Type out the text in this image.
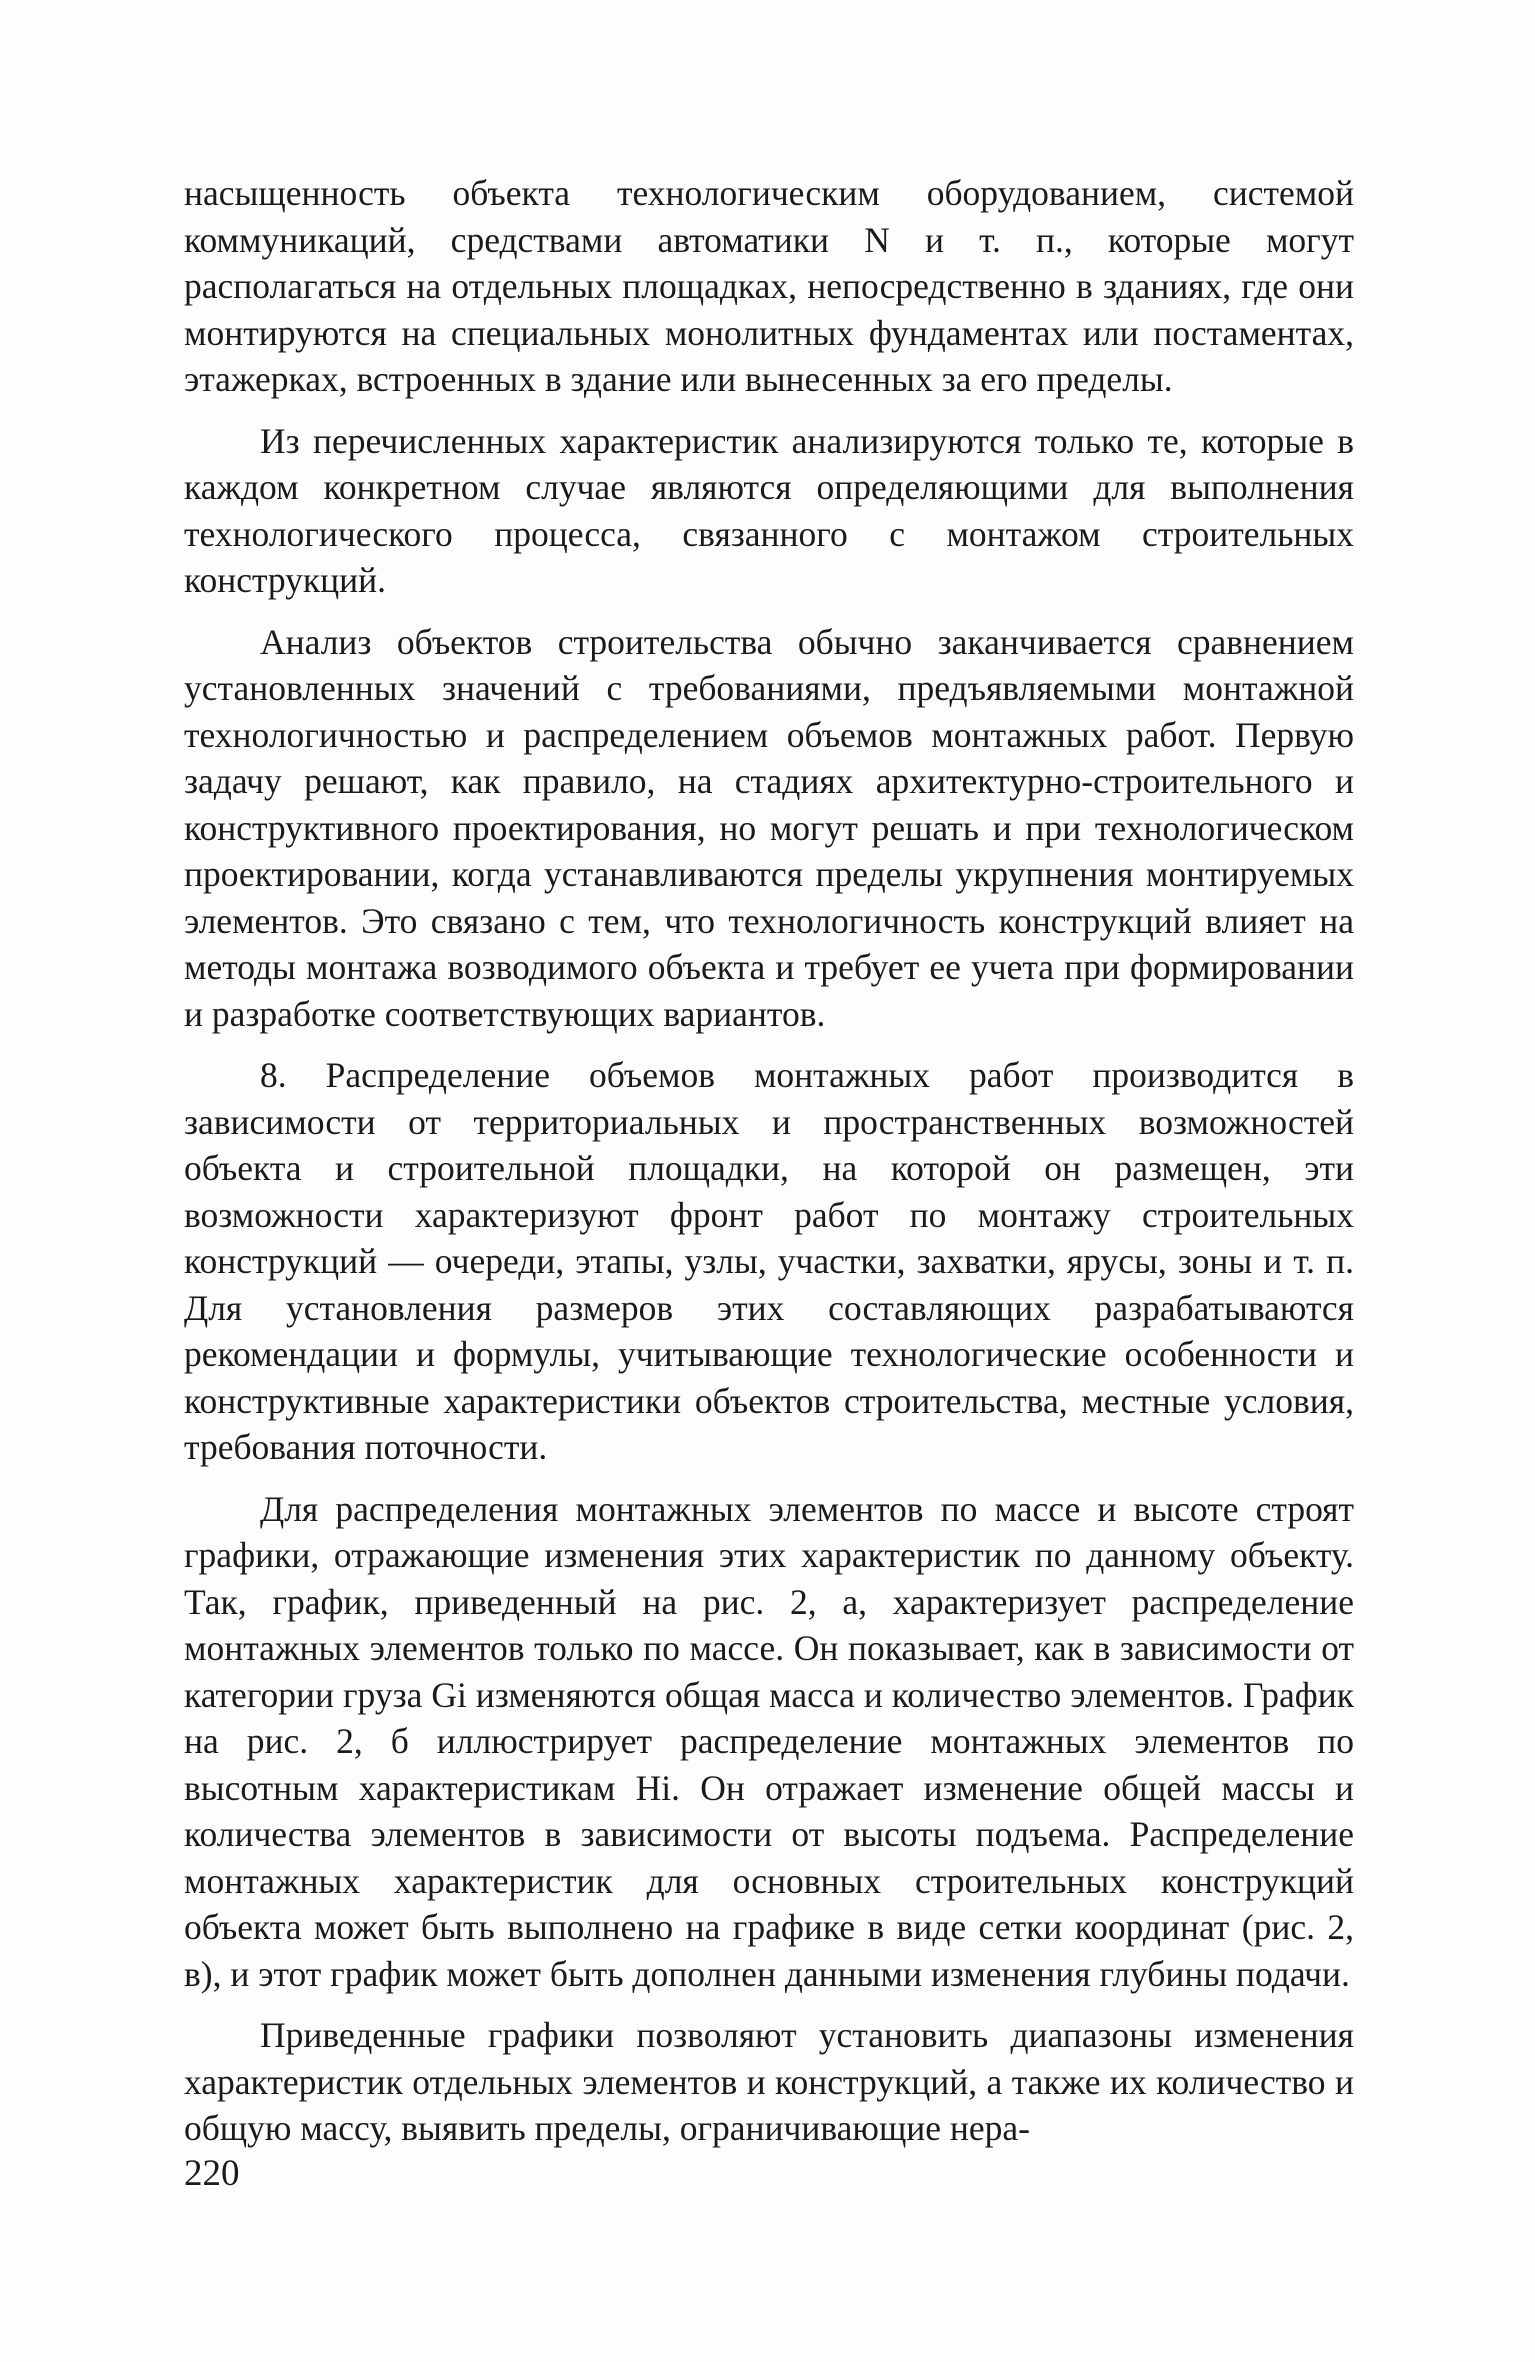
насыщенность объекта технологическим оборудованием, системой коммуникаций, средствами автоматики N и т. п., которые могут располагаться на отдельных площадках, непосредственно в зданиях, где они монтируются на специальных монолитных фундаментах или постаментах, этажерках, встроенных в здание или вынесенных за его пределы.

Из перечисленных характеристик анализируются только те, которые в каждом конкретном случае являются определяющими для выполнения технологического процесса, связанного с монтажом строительных конструкций.

Анализ объектов строительства обычно заканчивается сравнением установленных значений с требованиями, предъявляемыми монтажной технологичностью и распределением объемов монтажных работ. Первую задачу решают, как правило, на стадиях архитектурно-строительного и конструктивного проектирования, но могут решать и при технологическом проектировании, когда устанавливаются пределы укрупнения монтируемых элементов. Это связано с тем, что технологичность конструкций влияет на методы монтажа возводимого объекта и требует ее учета при формировании и разработке соответствующих вариантов.

8. Распределение объемов монтажных работ производится в зависимости от территориальных и пространственных возможностей объекта и строительной площадки, на которой он размещен, эти возможности характеризуют фронт работ по монтажу строительных конструкций — очереди, этапы, узлы, участки, захватки, ярусы, зоны и т. п. Для установления размеров этих составляющих разрабатываются рекомендации и формулы, учитывающие технологические особенности и конструктивные характеристики объектов строительства, местные условия, требования поточности.

Для распределения монтажных элементов по массе и высоте строят графики, отражающие изменения этих характеристик по данному объекту. Так, график, приведенный на рис. 2, а, характеризует распределение монтажных элементов только по массе. Он показывает, как в зависимости от категории груза Gi изменяются общая масса и количество элементов. График на рис. 2, б иллюстрирует распределение монтажных элементов по высотным характеристикам Hi. Он отражает изменение общей массы и количества элементов в зависимости от высоты подъема. Распределение монтажных характеристик для основных строительных конструкций объекта может быть выполнено на графике в виде сетки координат (рис. 2, в), и этот график может быть дополнен данными изменения глубины подачи.

Приведенные графики позволяют установить диапазоны изменения характеристик отдельных элементов и конструкций, а также их количество и общую массу, выявить пределы, ограничивающие нера-

220
